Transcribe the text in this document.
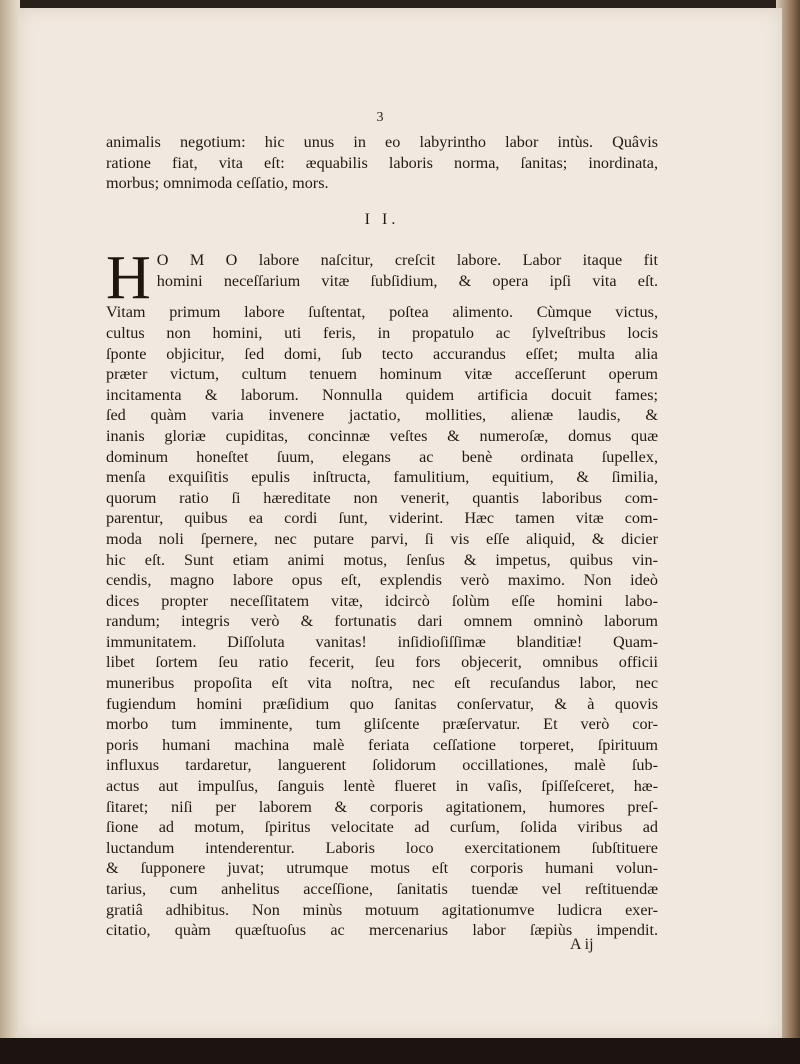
3
animalis negotium: hic unus in eo labyrintho labor intùs. Quâvis
ratione fiat, vita eſt: æquabilis laboris norma, ſanitas; inordinata,
morbus; omnimoda ceſſatio, mors.
I I.
H O M O labore naſcitur, creſcit labore. Labor itaque fit
homini neceſſarium vitæ ſubſidium, & opera ipſi vita eſt.
Vitam primum labore ſuſtentat, poſtea alimento. Cùmque victus,
cultus non homini, uti feris, in propatulo ac ſylveſtribus locis
ſponte objicitur, ſed domi, ſub tecto accurandus eſſet; multa alia
præter victum, cultum tenuem hominum vitæ acceſſerunt operum
incitamenta & laborum. Nonnulla quidem artificia docuit fames;
ſed quàm varia invenere jactatio, mollities, alienæ laudis, &
inanis gloriæ cupiditas, concinnæ veſtes & numeroſæ, domus quæ
dominum honeſtet ſuum, elegans ac benè ordinata ſupellex,
menſa exquiſitis epulis inſtructa, famulitium, equitium, & ſimilia,
quorum ratio ſi hæreditate non venerit, quantis laboribus com-
parentur, quibus ea cordi ſunt, viderint. Hæc tamen vitæ com-
moda noli ſpernere, nec putare parvi, ſi vis eſſe aliquid, & dicier
hic eſt. Sunt etiam animi motus, ſenſus & impetus, quibus vin-
cendis, magno labore opus eſt, explendis verò maximo. Non ideò
dices propter neceſſitatem vitæ, idcircò ſolùm eſſe homini labo-
randum; integris verò & fortunatis dari omnem omninò laborum
immunitatem. Diſſoluta vanitas! inſidioſiſſimæ blanditiæ! Quam-
libet ſortem ſeu ratio fecerit, ſeu fors objecerit, omnibus officii
muneribus propoſita eſt vita noſtra, nec eſt recuſandus labor, nec
fugiendum homini præſidium quo ſanitas conſervatur, & à quovis
morbo tum imminente, tum gliſcente præſervatur. Et verò cor-
poris humani machina malè feriata ceſſatione torperet, ſpirituum
influxus tardaretur, languerent ſolidorum occillationes, malè ſub-
actus aut impulſus, ſanguis lentè flueret in vaſis, ſpiſſeſceret, hæ-
ſitaret; niſi per laborem & corporis agitationem, humores preſ-
ſione ad motum, ſpiritus velocitate ad curſum, ſolida viribus ad
luctandum intenderentur. Laboris loco exercitationem ſubſtituere
& ſupponere juvat; utrumque motus eſt corporis humani volun-
tarius, cum anhelitus acceſſione, ſanitatis tuendæ vel reſtituendæ
gratiâ adhibitus. Non minùs motuum agitationumve ludicra exer-
citatio, quàm quæſtuoſus ac mercenarius labor ſæpiùs impendit.
A ij
